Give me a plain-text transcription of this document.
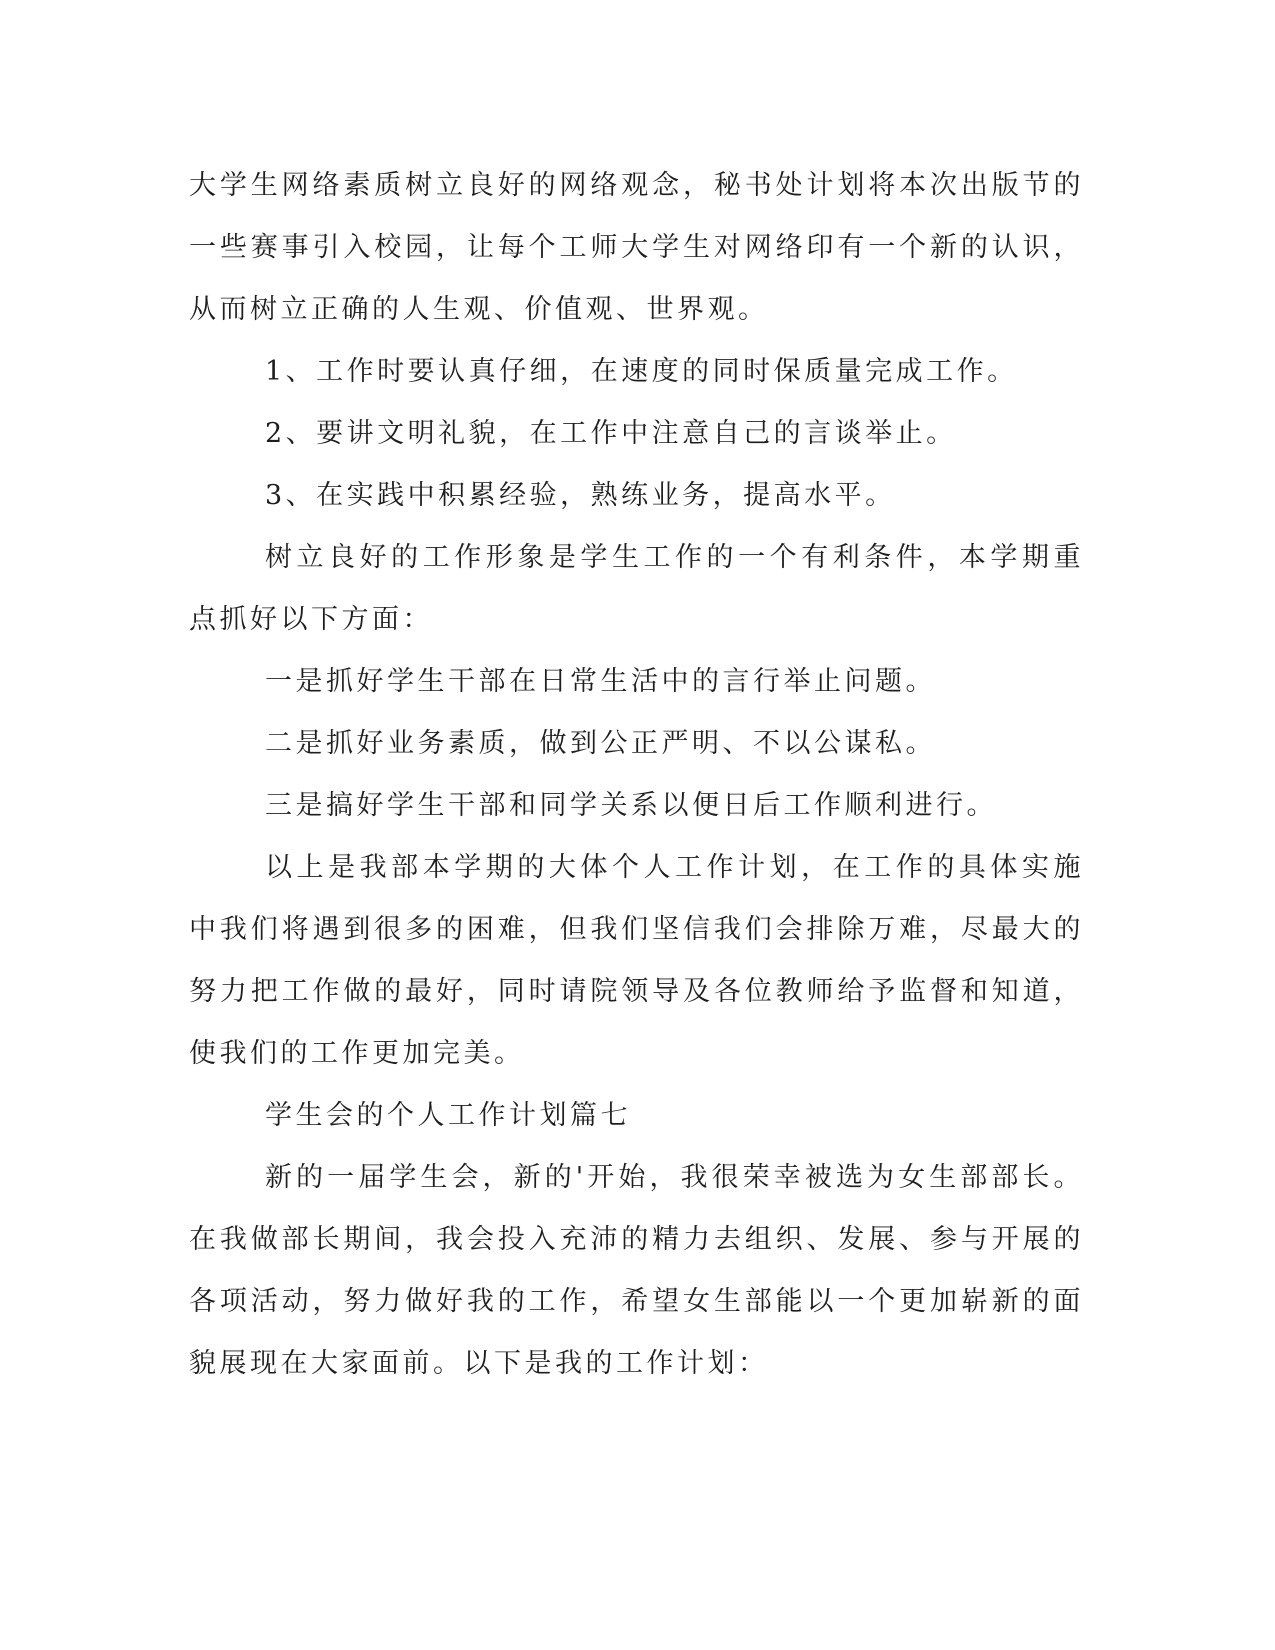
大学生网络素质树立良好的网络观念，秘书处计划将本次出版节的一些赛事引入校园，让每个工师大学生对网络印有一个新的认识，从而树立正确的人生观、价值观、世界观。

1、工作时要认真仔细，在速度的同时保质量完成工作。

2、要讲文明礼貌，在工作中注意自己的言谈举止。

3、在实践中积累经验，熟练业务，提高水平。

树立良好的工作形象是学生工作的一个有利条件，本学期重点抓好以下方面：

一是抓好学生干部在日常生活中的言行举止问题。

二是抓好业务素质，做到公正严明、不以公谋私。

三是搞好学生干部和同学关系以便日后工作顺利进行。

以上是我部本学期的大体个人工作计划，在工作的具体实施中我们将遇到很多的困难，但我们坚信我们会排除万难，尽最大的努力把工作做的最好，同时请院领导及各位教师给予监督和知道，使我们的工作更加完美。

学生会的个人工作计划篇七

新的一届学生会，新的'开始，我很荣幸被选为女生部部长。在我做部长期间，我会投入充沛的精力去组织、发展、参与开展的各项活动，努力做好我的工作，希望女生部能以一个更加崭新的面貌展现在大家面前。以下是我的工作计划：
